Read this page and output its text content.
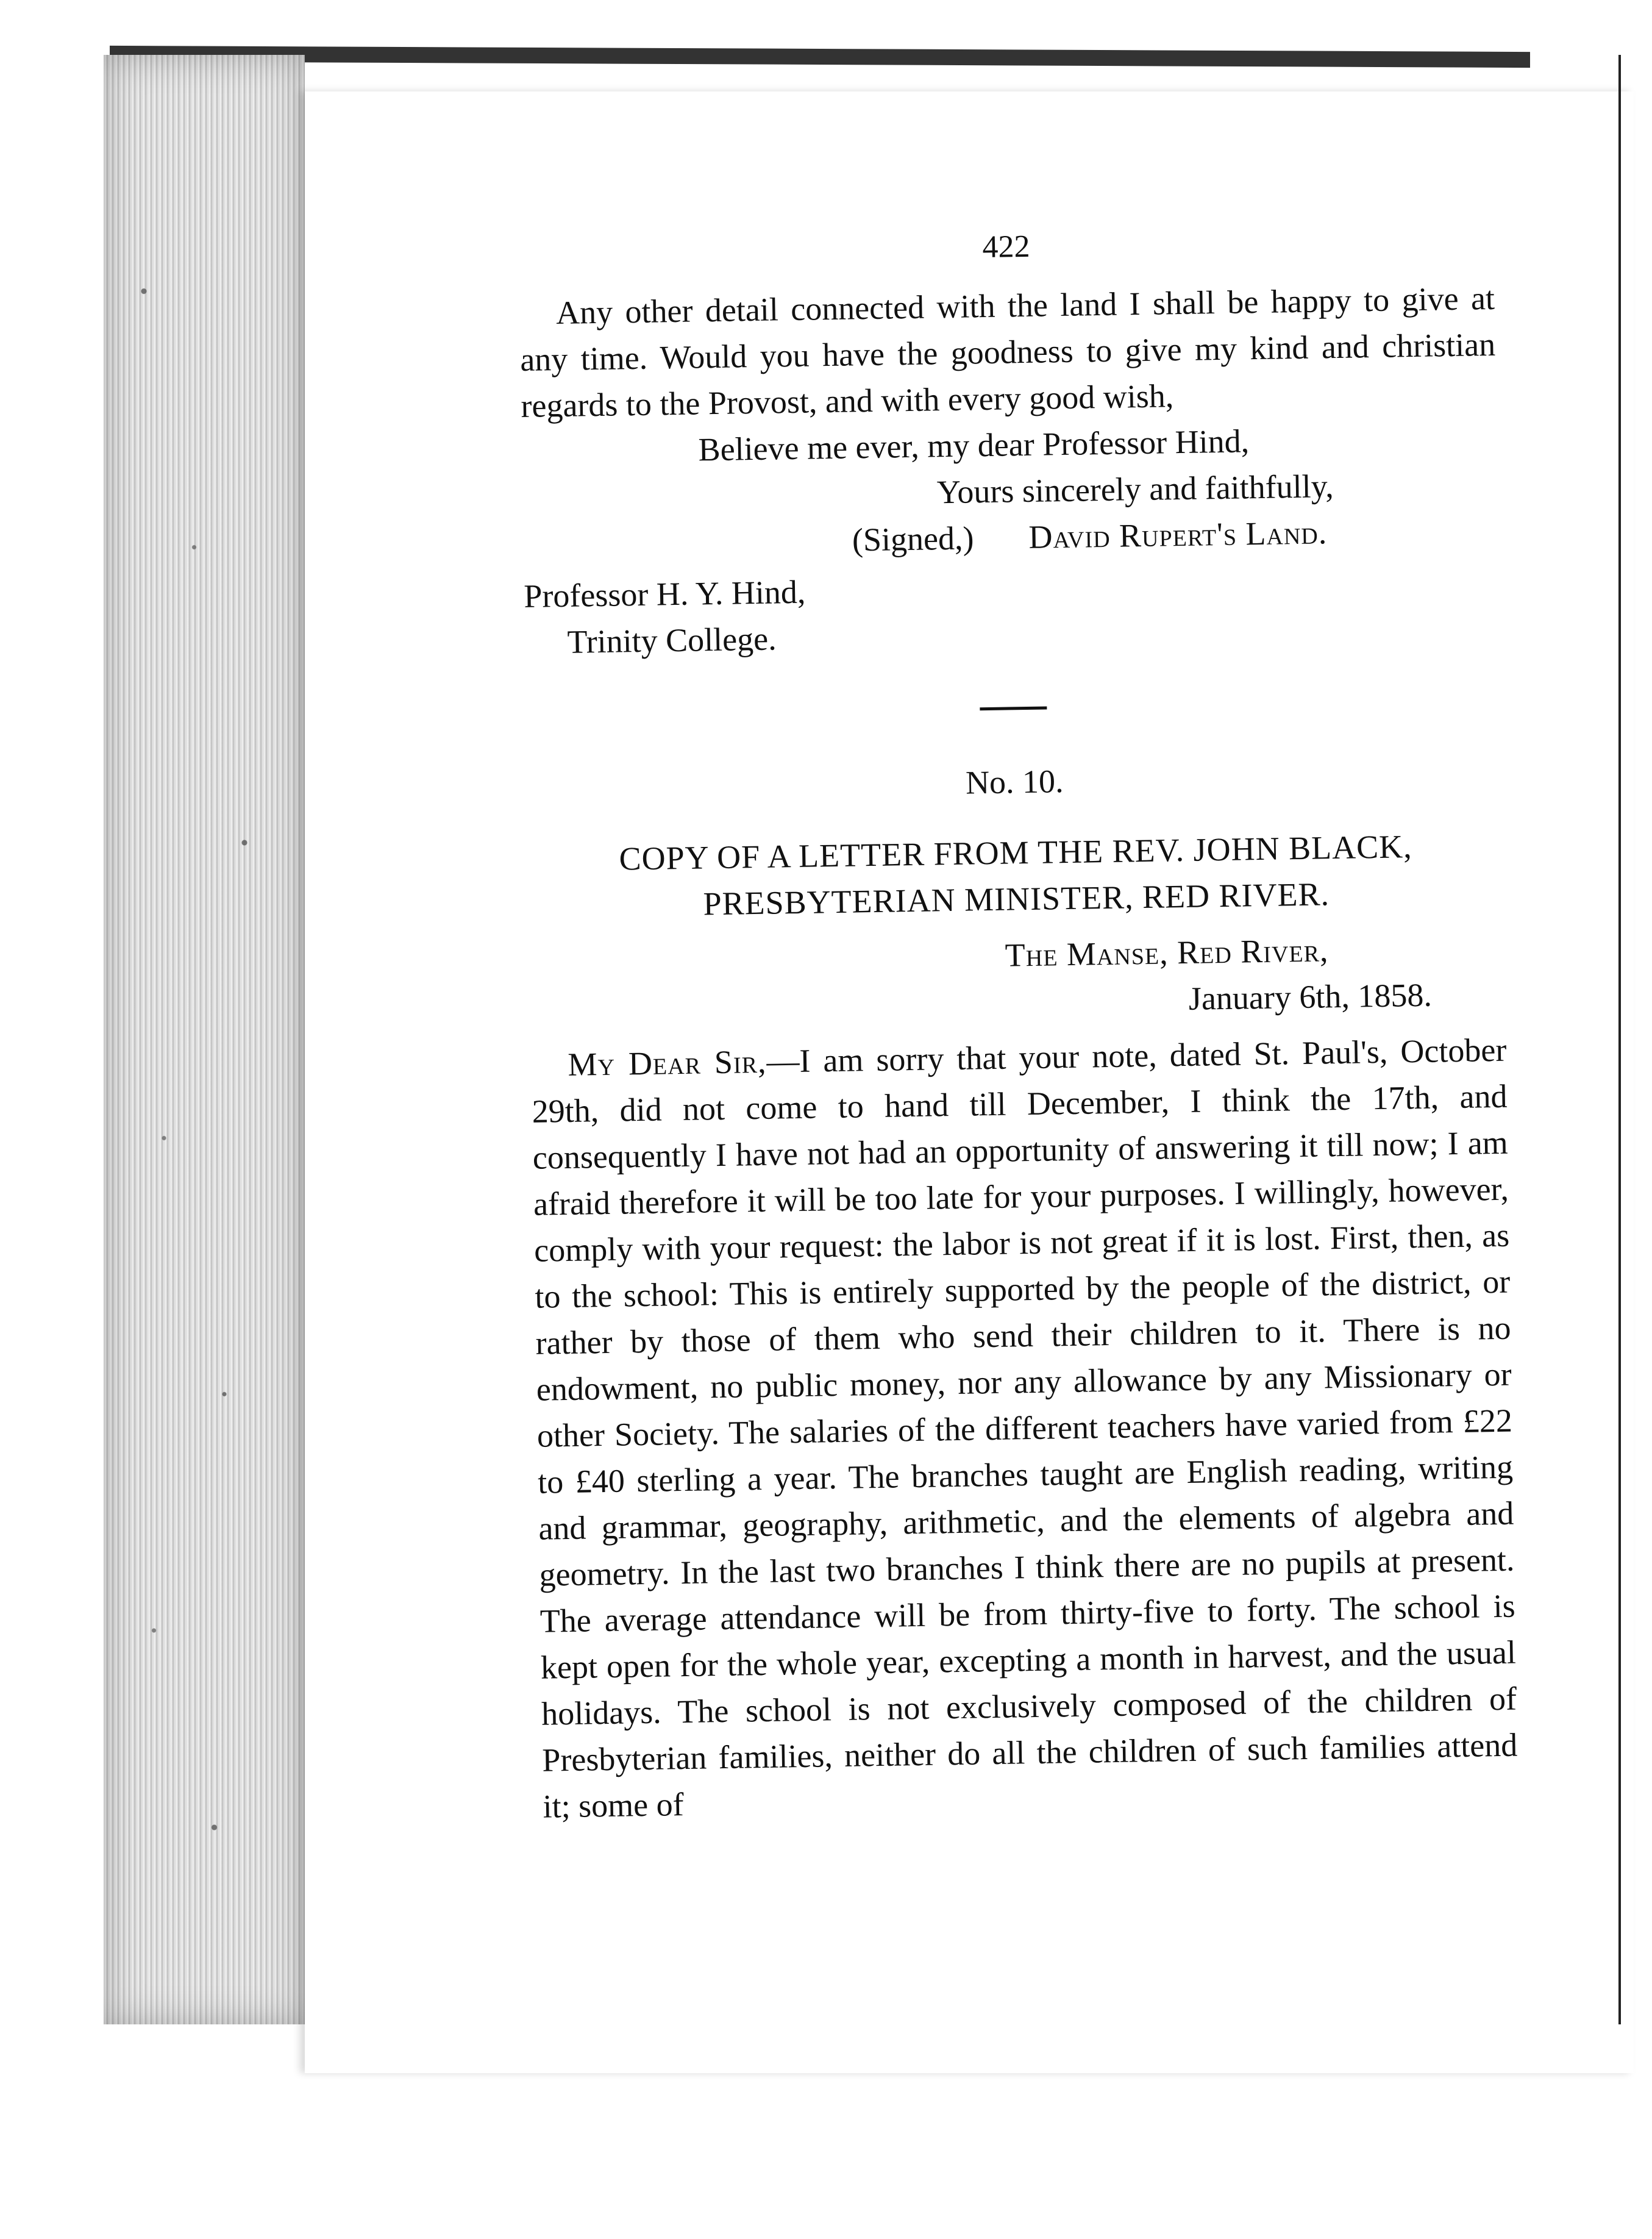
422

Any other detail connected with the land I shall be happy to give at any time. Would you have the goodness to give my kind and christian regards to the Provost, and with every good wish,

Believe me ever, my dear Professor Hind,

Yours sincerely and faithfully,

(Signed,) David Rupert's Land.

Professor H. Y. Hind,

Trinity College.

No. 10.

COPY OF A LETTER FROM THE REV. JOHN BLACK,

PRESBYTERIAN MINISTER, RED RIVER.

The Manse, Red River,

January 6th, 1858.

My Dear Sir,—I am sorry that your note, dated St. Paul's, October 29th, did not come to hand till December, I think the 17th, and consequently I have not had an opportunity of answering it till now; I am afraid therefore it will be too late for your purposes. I willingly, however, comply with your request: the labor is not great if it is lost. First, then, as to the school: This is entirely supported by the people of the district, or rather by those of them who send their children to it. There is no endowment, no public money, nor any allowance by any Missionary or other Society. The salaries of the different teachers have varied from £22 to £40 sterling a year. The branches taught are English reading, writing and grammar, geography, arithmetic, and the elements of algebra and geometry. In the last two branches I think there are no pupils at present. The average attendance will be from thirty-five to forty. The school is kept open for the whole year, excepting a month in harvest, and the usual holidays. The school is not exclusively composed of the children of Presbyterian families, neither do all the children of such families attend it; some of
